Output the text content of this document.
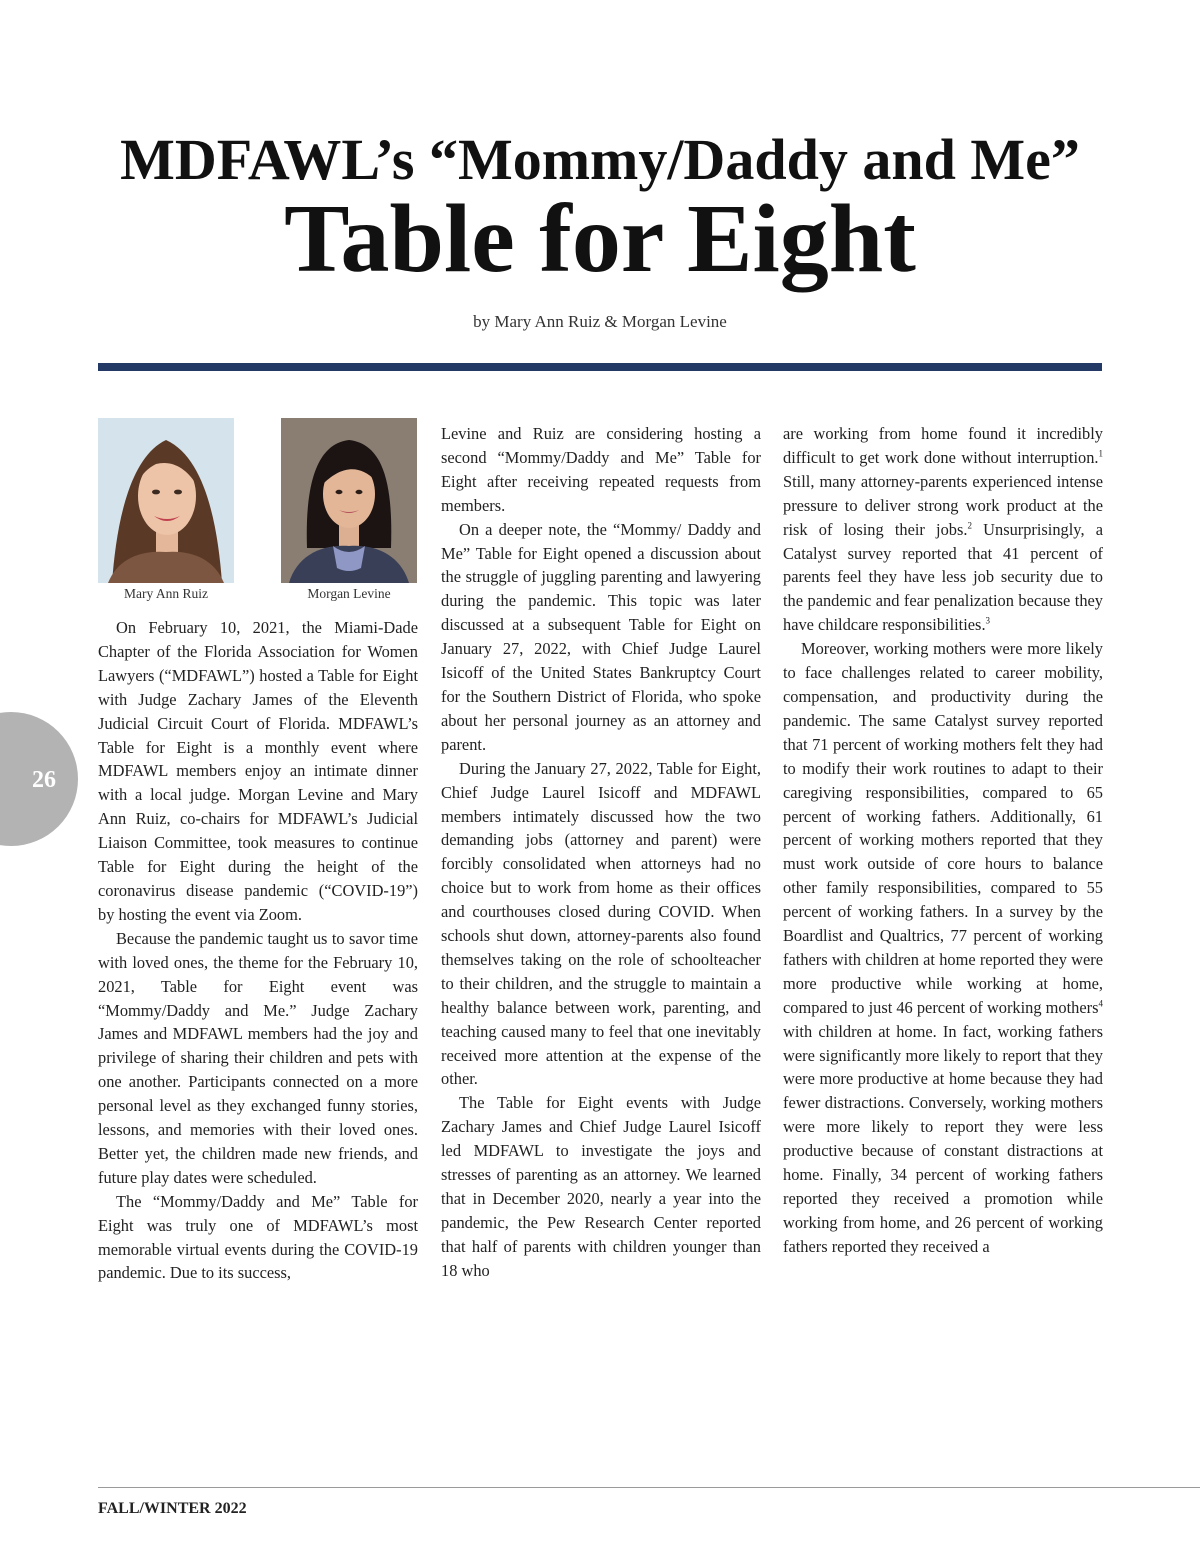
MDFAWL’s “Mommy/Daddy and Me”
Table for Eight
by Mary Ann Ruiz & Morgan Levine
Mary Ann Ruiz	Morgan Levine

On February 10, 2021, the Miami-Dade Chapter of the Florida Association for Women Lawyers (“MDFAWL”) hosted a Table for Eight with Judge Zachary James of the Eleventh Judicial Circuit Court of Florida. MDFAWL’s Table for Eight is a monthly event where MDFAWL members enjoy an intimate dinner with a local judge. Morgan Levine and Mary Ann Ruiz, co-chairs for MDFAWL’s Judicial Liaison Committee, took measures to continue Table for Eight during the height of the coronavirus disease pandemic (“COVID-19”) by hosting the event via Zoom.

Because the pandemic taught us to savor time with loved ones, the theme for the February 10, 2021, Table for Eight event was “Mommy/Daddy and Me.” Judge Zachary James and MDFAWL members had the joy and privilege of sharing their children and pets with one another. Participants connected on a more personal level as they exchanged funny stories, lessons, and memories with their loved ones. Better yet, the children made new friends, and future play dates were scheduled.

The “Mommy/Daddy and Me” Table for Eight was truly one of MDFAWL’s most memorable virtual events during the COVID-19 pandemic. Due to its success,

Levine and Ruiz are considering hosting a second “Mommy/Daddy and Me” Table for Eight after receiving repeated requests from members.

On a deeper note, the “Mommy/ Daddy and Me” Table for Eight opened a discussion about the struggle of juggling parenting and lawyering during the pandemic. This topic was later discussed at a subsequent Table for Eight on January 27, 2022, with Chief Judge Laurel Isicoff of the United States Bankruptcy Court for the Southern District of Florida, who spoke about her personal journey as an attorney and parent.

During the January 27, 2022, Table for Eight, Chief Judge Laurel Isicoff and MDFAWL members intimately discussed how the two demanding jobs (attorney and parent) were forcibly consolidated when attorneys had no choice but to work from home as their offices and courthouses closed during COVID. When schools shut down, attorney-parents also found themselves taking on the role of schoolteacher to their children, and the struggle to maintain a healthy balance between work, parenting, and teaching caused many to feel that one inevitably received more attention at the expense of the other.

The Table for Eight events with Judge Zachary James and Chief Judge Laurel Isicoff led MDFAWL to investigate the joys and stresses of parenting as an attorney. We learned that in December 2020, nearly a year into the pandemic, the Pew Research Center reported that half of parents with children younger than 18 who

are working from home found it incredibly difficult to get work done without interruption.$^1$ Still, many attorney-parents experienced intense pressure to deliver strong work product at the risk of losing their jobs.$^2$ Unsurprisingly, a Catalyst survey reported that 41 percent of parents feel they have less job security due to the pandemic and fear penalization because they have childcare responsibilities.$^3$

Moreover, working mothers were more likely to face challenges related to career mobility, compensation, and productivity during the pandemic. The same Catalyst survey reported that 71 percent of working mothers felt they had to modify their work routines to adapt to their caregiving responsibilities, compared to 65 percent of working fathers. Additionally, 61 percent of working mothers reported that they must work outside of core hours to balance other family responsibilities, compared to 55 percent of working fathers. In a survey by the Boardlist and Qualtrics, 77 percent of working fathers with children at home reported they were more productive while working at home, compared to just 46 percent of working mothers$^4$ with children at home. In fact, working fathers were significantly more likely to report that they were more productive at home because they had fewer distractions. Conversely, working mothers were more likely to report they were less productive because of constant distractions at home. Finally, 34 percent of working fathers reported they received a promotion while working from home, and 26 percent of working fathers reported they received a

26
FALL/WINTER 2022
